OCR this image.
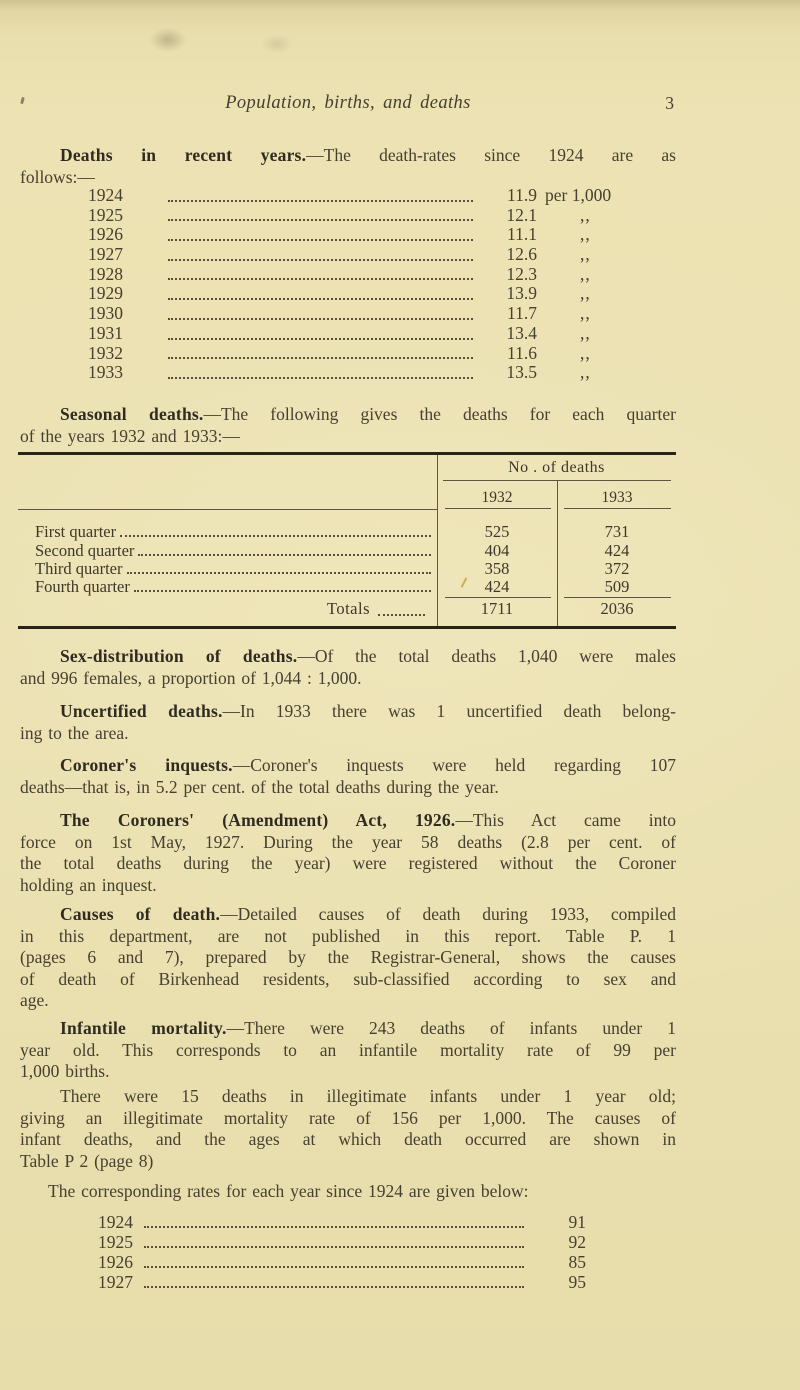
Population, births, and deaths	3
Deaths in recent years.—The death-rates since 1924 are as
follows:—
1924	11.9 per 1,000
1925	12.1	,,
1926	11.1	,,
1927	12.6	,,
1928	12.3	,,
1929	13.9	,,
1930	11.7	,,
1931	13.4	,,
1932	11.6	,,
1933	13.5	,,
Seasonal deaths.—The following gives the deaths for each quarter
of the years 1932 and 1933:—
No . of deaths
1932	1933
First quarter	525	731
Second quarter	404	424
Third quarter	358	372
Fourth quarter	424	509
Totals	1711	2036
Sex-distribution of deaths.—Of the total deaths 1,040 were males
and 996 females, a proportion of 1,044 : 1,000.
Uncertified deaths.—In 1933 there was 1 uncertified death belong-
ing to the area.
Coroner's inquests.—Coroner's inquests were held regarding 107
deaths—that is, in 5.2 per cent. of the total deaths during the year.
The Coroners' (Amendment) Act, 1926.—This Act came into
force on 1st May, 1927. During the year 58 deaths (2.8 per cent. of
the total deaths during the year) were registered without the Coroner
holding an inquest.
Causes of death.—Detailed causes of death during 1933, compiled
in this department, are not published in this report. Table P. 1
(pages 6 and 7), prepared by the Registrar-General, shows the causes
of death of Birkenhead residents, sub-classified according to sex and
age.
Infantile mortality.—There were 243 deaths of infants under 1
year old. This corresponds to an infantile mortality rate of 99 per
1,000 births.
There were 15 deaths in illegitimate infants under 1 year old;
giving an illegitimate mortality rate of 156 per 1,000. The causes of
infant deaths, and the ages at which death occurred are shown in
Table P 2 (page 8)
The corresponding rates for each year since 1924 are given below:
1924	91
1925	92
1926	85
1927	95
